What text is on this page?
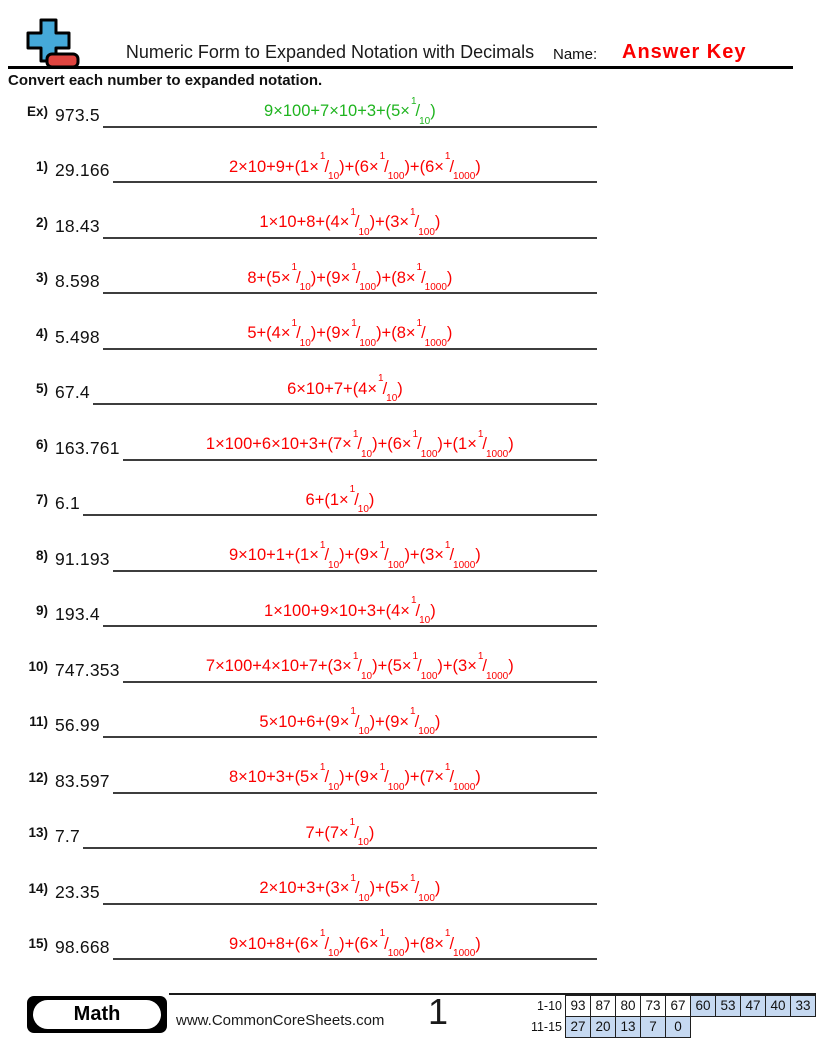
Numeric Form to Expanded Notation with Decimals	Name: Answer Key
Convert each number to expanded notation.
Ex) 973.5	$9\times 100+7\times 10+3+(5\times^1/_{10})$
1) 29.166	$2\times 10+9+(1\times^1/_{10})+(6\times^1/_{100})+(6\times^1/_{1000})$
2) 18.43	$1\times 10+8+(4\times^1/_{10})+(3\times^1/_{100})$
3) 8.598	$8+(5\times^1/_{10})+(9\times^1/_{100})+(8\times^1/_{1000})$
4) 5.498	$5+(4\times^1/_{10})+(9\times^1/_{100})+(8\times^1/_{1000})$
5) 67.4	$6\times 10+7+(4\times^1/_{10})$
6) 163.761	$1\times 100+6\times 10+3+(7\times^1/_{10})+(6\times^1/_{100})+(1\times^1/_{1000})$
7) 6.1	$6+(1\times^1/_{10})$
8) 91.193	$9\times 10+1+(1\times^1/_{10})+(9\times^1/_{100})+(3\times^1/_{1000})$
9) 193.4	$1\times 100+9\times 10+3+(4\times^1/_{10})$
10) 747.353	$7\times 100+4\times 10+7+(3\times^1/_{10})+(5\times^1/_{100})+(3\times^1/_{1000})$
11) 56.99	$5\times 10+6+(9\times^1/_{10})+(9\times^1/_{100})$
12) 83.597	$8\times 10+3+(5\times^1/_{10})+(9\times^1/_{100})+(7\times^1/_{1000})$
13) 7.7	$7+(7\times^1/_{10})$
14) 23.35	$2\times 10+3+(3\times^1/_{10})+(5\times^1/_{100})$
15) 98.668	$9\times 10+8+(6\times^1/_{10})+(6\times^1/_{100})+(8\times^1/_{1000})$
Math	www.CommonCoreSheets.com	1	1-10 93 87 80 73 67 60 53 47 40 33
11-15 27 20 13	7	0
